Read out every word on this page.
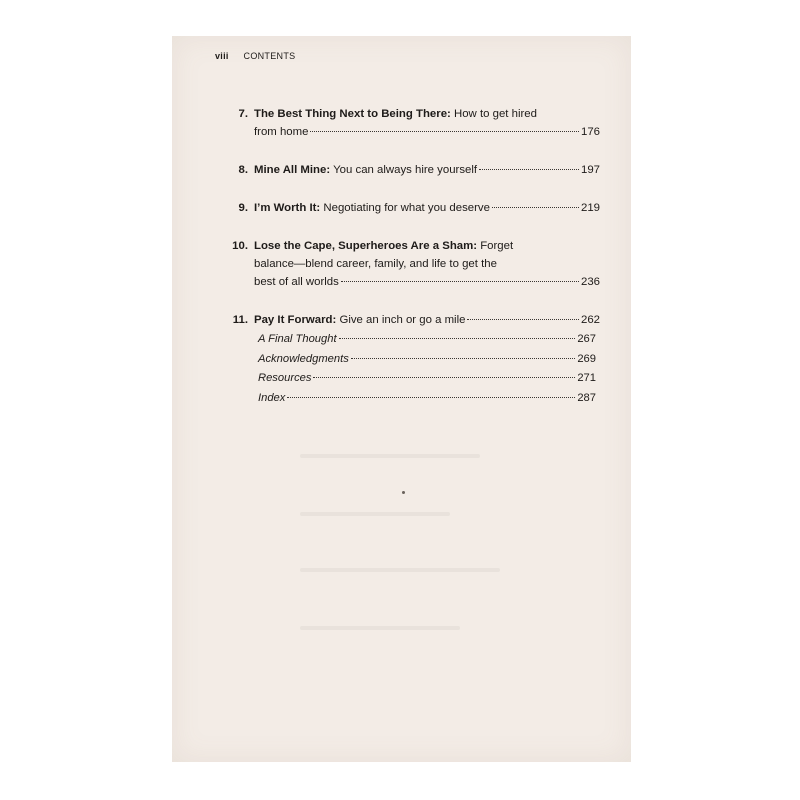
viii CONTENTS
7. The Best Thing Next to Being There: How to get hired
from home	176
8. Mine All Mine: You can always hire yourself	197
9. I’m Worth It: Negotiating for what you deserve	219
10. Lose the Cape, Superheroes Are a Sham: Forget
balance—blend career, family, and life to get the
best of all worlds	236
11. Pay It Forward: Give an inch or go a mile	262
A Final Thought	267
Acknowledgments	269
Resources	271
Index	287
